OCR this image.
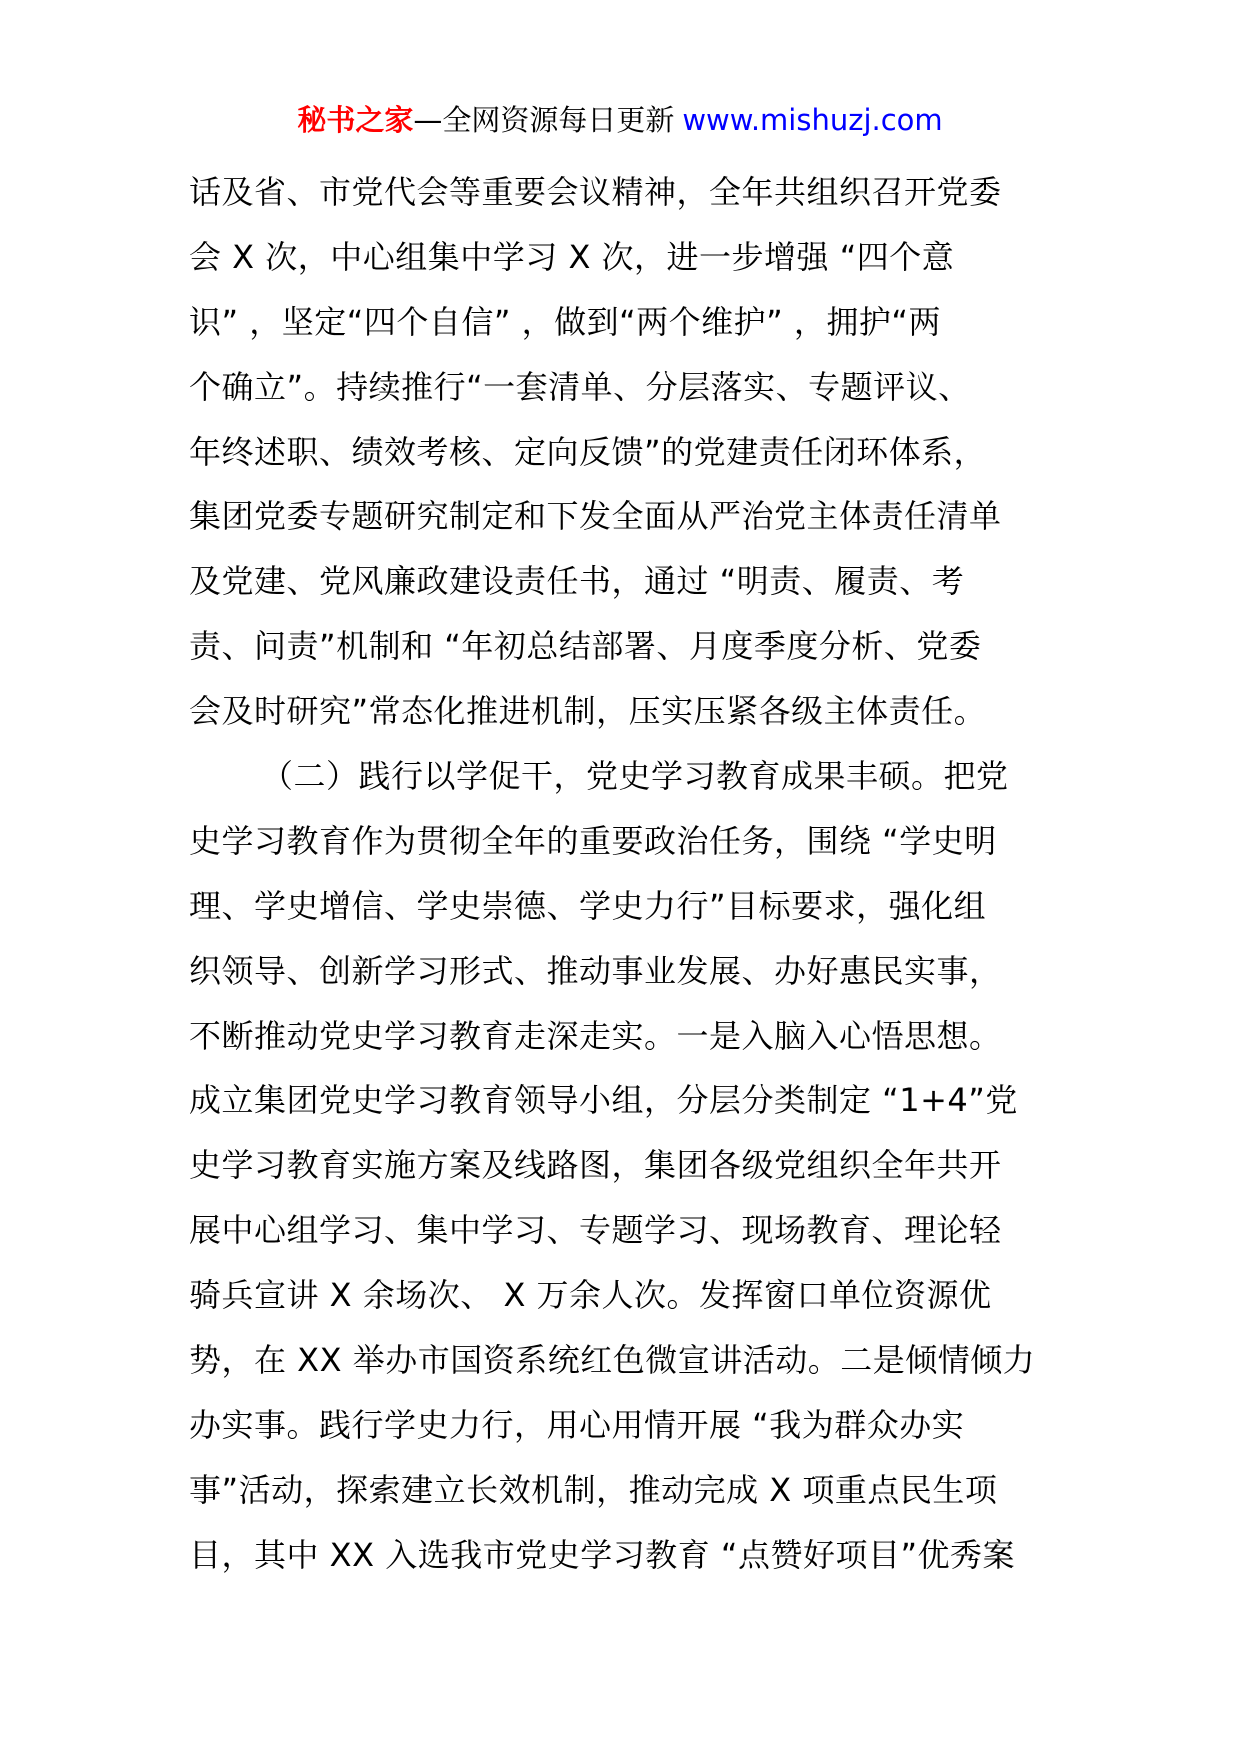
秘书之家—全网资源每日更新 www.mishuzj.com
话及省、市党代会等重要会议精神，全年共组织召开党委
会 X 次，中心组集中学习 X 次，进一步增强 “四个意
识” ，坚定“四个自信” ，做到“两个维护” ，拥护“两
个确立”。持续推行“一套清单、分层落实、专题评议、
年终述职、绩效考核、定向反馈”的党建责任闭环体系，
集团党委专题研究制定和下发全面从严治党主体责任清单
及党建、党风廉政建设责任书，通过 “明责、履责、考
责、问责”机制和 “年初总结部署、月度季度分析、党委
会及时研究”常态化推进机制，压实压紧各级主体责任。
（二）践行以学促干，党史学习教育成果丰硕。把党
史学习教育作为贯彻全年的重要政治任务，围绕 “学史明
理、学史增信、学史崇德、学史力行”目标要求，强化组
织领导、创新学习形式、推动事业发展、办好惠民实事，
不断推动党史学习教育走深走实。一是入脑入心悟思想。
成立集团党史学习教育领导小组，分层分类制定 “1+4”党
史学习教育实施方案及线路图，集团各级党组织全年共开
展中心组学习、集中学习、专题学习、现场教育、理论轻
骑兵宣讲 X 余场次、 X 万余人次。发挥窗口单位资源优
势，在 XX 举办市国资系统红色微宣讲活动。二是倾情倾力
办实事。践行学史力行，用心用情开展 “我为群众办实
事”活动，探索建立长效机制，推动完成 X 项重点民生项
目，其中 XX 入选我市党史学习教育 “点赞好项目”优秀案
